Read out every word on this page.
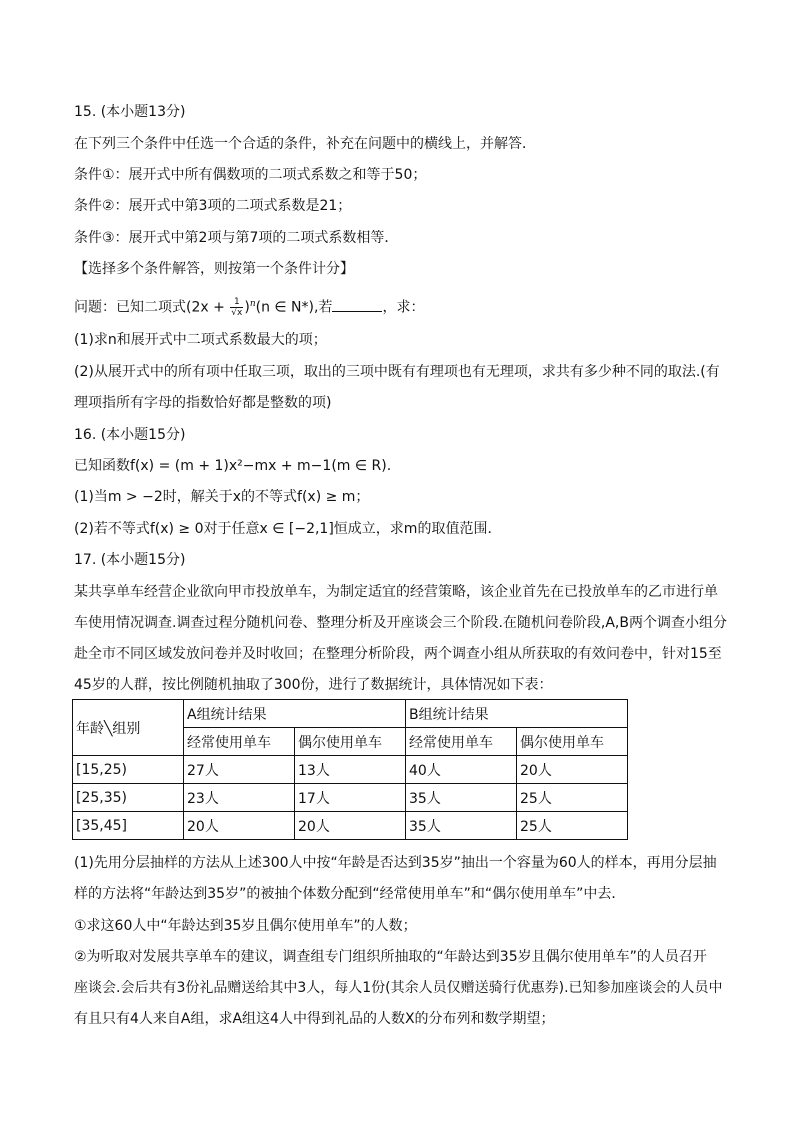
15. (本小题13分)
在下列三个条件中任选一个合适的条件，补充在问题中的横线上，并解答．
条件①：展开式中所有偶数项的二项式系数之和等于50；
条件②：展开式中第3项的二项式系数是21；
条件③：展开式中第2项与第7项的二项式系数相等．
【选择多个条件解答，则按第一个条件计分】
问题：已知二项式$(2x + \frac{1}{√x} )^n(n$ ∈ N*),若	，求：
(1)求n和展开式中二项式系数最大的项；
(2)从展开式中的所有项中任取三项，取出的三项中既有有理项也有无理项，求共有多少种不同的取法.(有
理项指所有字母的指数恰好都是整数的项)
16. (本小题15分)
已知函数f(x) = (m + 1)x²−mx + m−1(m ∈ R).
(1)当m > −2时，解关于x的不等式f(x) ≥ m；
(2)若不等式f(x) ≥ 0对于任意x ∈ [−2,1]恒成立，求m的取值范围．
17. (本小题15分)
某共享单车经营企业欲向甲市投放单车，为制定适宜的经营策略，该企业首先在已投放单车的乙市进行单
车使用情况调查.调查过程分随机问卷、整理分析及开座谈会三个阶段.在随机问卷阶段,A,B两个调查小组分
赴全市不同区域发放问卷并及时收回；在整理分析阶段，两个调查小组从所获取的有效问卷中，针对15至
45岁的人群，按比例随机抽取了300份，进行了数据统计，具体情况如下表：
年龄╲组别	A组统计结果		B组统计结果	
	经常使用单车	偶尔使用单车	经常使用单车	偶尔使用单车
[15,25)	27人	13人	40人	20人
[25,35)	23人	17人	35人	25人
[35,45]	20人	20人	35人	25人
(1)先用分层抽样的方法从上述300人中按“年龄是否达到35岁”抽出一个容量为60人的样本，再用分层抽
样的方法将“年龄达到35岁”的被抽个体数分配到“经常使用单车”和“偶尔使用单车”中去．
①求这60人中“年龄达到35岁且偶尔使用单车”的人数；
②为听取对发展共享单车的建议，调查组专门组织所抽取的“年龄达到35岁且偶尔使用单车”的人员召开
座谈会.会后共有3份礼品赠送给其中3人，每人1份(其余人员仅赠送骑行优惠券).已知参加座谈会的人员中
有且只有4人来自A组，求A组这4人中得到礼品的人数X的分布列和数学期望；
